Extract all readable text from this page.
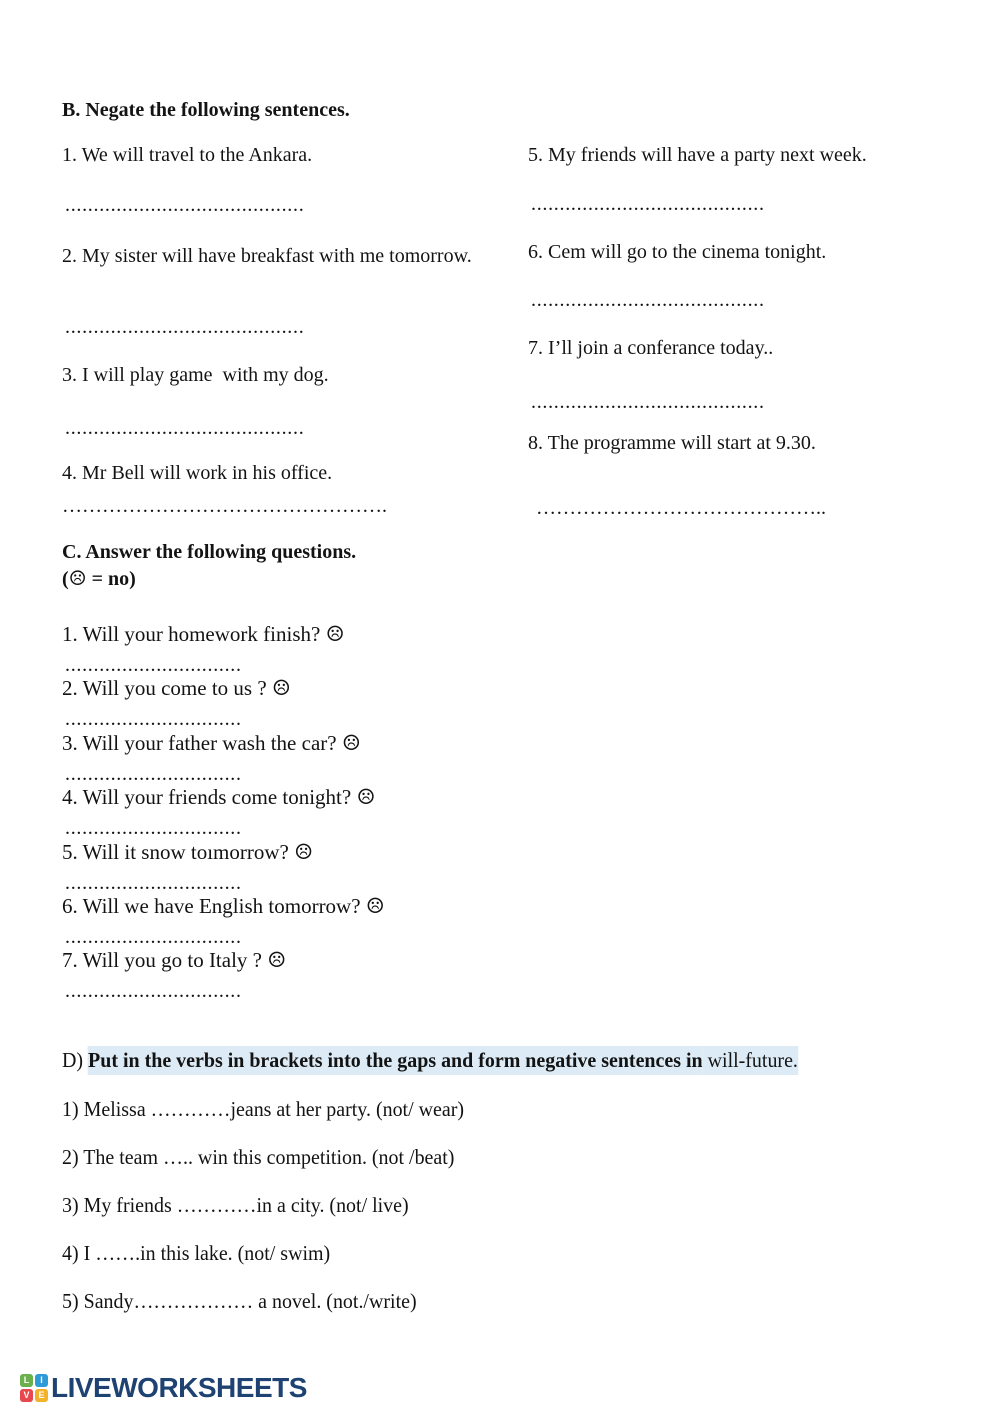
B. Negate the following sentences.
1. We will travel to the Ankara.
..........................................
2. My sister will have breakfast with me tomorrow.
..........................................
3. I will play game  with my dog.
..........................................
4. Mr Bell will work in his office.
………………………………………….
5. My friends will have a party next week.
.........................................
6. Cem will go to the cinema tonight.
.........................................
7. I’ll join a conferance today..
.........................................
8. The programme will start at 9.30.
……………………………………..​
C. Answer the following questions.
(☹ = no)
1. Will your homework finish? ☹
...............................
2. Will you come to us ? ☹
...............................
3. Will your father wash the car? ☹
...............................
4. Will your friends come tonight? ☹
...............................
5. Will it snow toımorrow? ☹
...............................
6. Will we have English tomorrow? ☹
...............................
7. Will you go to Italy ? ☹
...............................
D) Put in the verbs in brackets into the gaps and form negative sentences in will-future.
1) Melissa …………jeans at her party. (not/ wear)
2) The team ….. win this competition. (not /beat)
3) My friends …………in a city. (not/ live)
4) I …….in this lake. (not/ swim)
5) Sandy……………… a novel. (not./write)
L	I
V E LIVEWORKSHEETS
